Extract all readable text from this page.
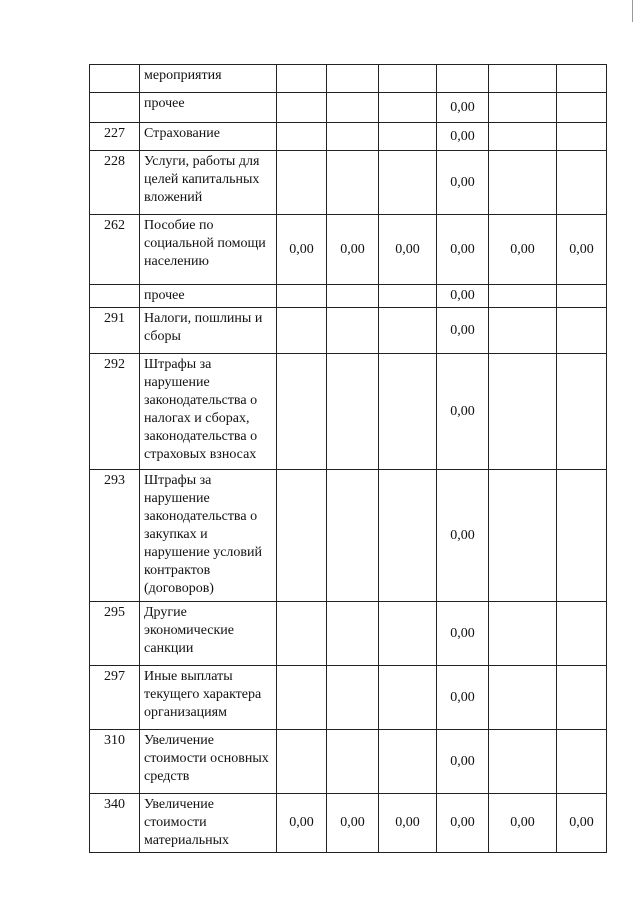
	мероприятия						
	прочее				0,00		
227	Страхование				0,00		
228	Услуги, работы для целей капитальных вложений				0,00		
262	Пособие по социальной помощи населению	0,00	0,00	0,00	0,00	0,00	0,00
	прочее				0,00		
291	Налоги, пошлины и сборы				0,00		
292	Штрафы за нарушение законодательства о налогах и сборах, законодательства о страховых взносах				0,00		
293	Штрафы за нарушение законодательства о закупках и нарушение условий контрактов (договоров)				0,00		
295	Другие экономические санкции				0,00		
297	Иные выплаты текущего характера организациям				0,00		
310	Увеличение стоимости основных средств				0,00		
340	Увеличение стоимости материальных	0,00	0,00	0,00	0,00	0,00	0,00
